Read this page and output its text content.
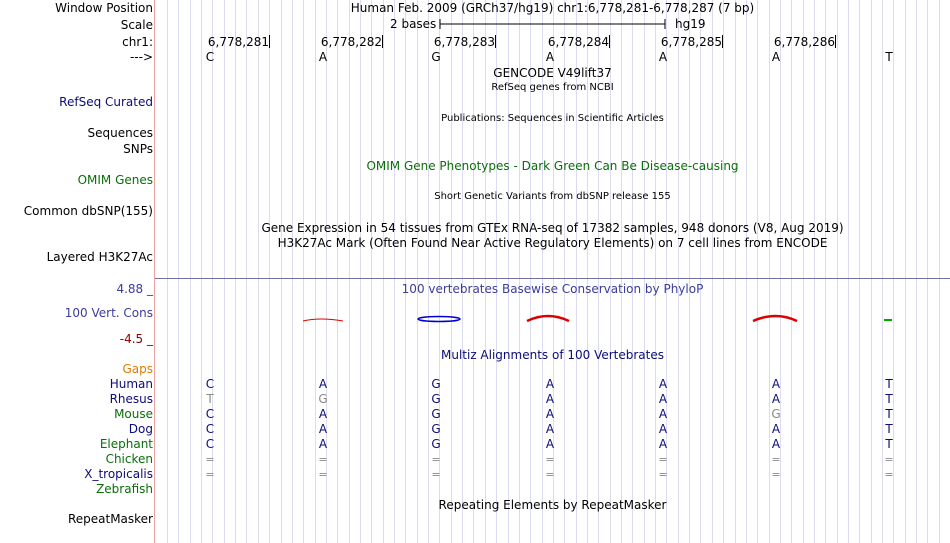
Window Position	Human Feb. 2009 (GRCh37/hg19) chr1:6,778,281-6,778,287 (7 bp)
Scale	2 bases	hg19
chr1:
--->
GENCODE V49lift37
RefSeq genes from NCBI
RefSeq Curated
Publications: Sequences in Scientific Articles
Sequences
SNPs
OMIM Gene Phenotypes - Dark Green Can Be Disease-causing
OMIM Genes
Short Genetic Variants from dbSNP release 155
Common dbSNP(155)
Gene Expression in 54 tissues from GTEx RNA-seq of 17382 samples, 948 donors (V8, Aug 2019)
H3K27Ac Mark (Often Found Near Active Regulatory Elements) on 7 cell lines from ENCODE
Layered H3K27Ac
4.88 _	100 vertebrates Basewise Conservation by PhyloP
100 Vert. Cons
-4.5 _
Multiz Alignments of 100 Vertebrates
Gaps
Repeating Elements by RepeatMasker
RepeatMasker
6,778,281	6,778,282	6,778,283	6,778,284	6,778,285	6,778,286
C	A	G	A	A	A	T
Human	C	A	G	A	A	A	T
Rhesus	T	G	G	A	A	A	T
Mouse	C	A	G	A	A	G	T
Dog	C	A	G	A	A	A	T
Elephant	C	A	G	A	A	A	T
Chicken	=	=	=	=	=	=	=
X_tropicalis	=	=	=	=	=	=	=
Zebrafish
